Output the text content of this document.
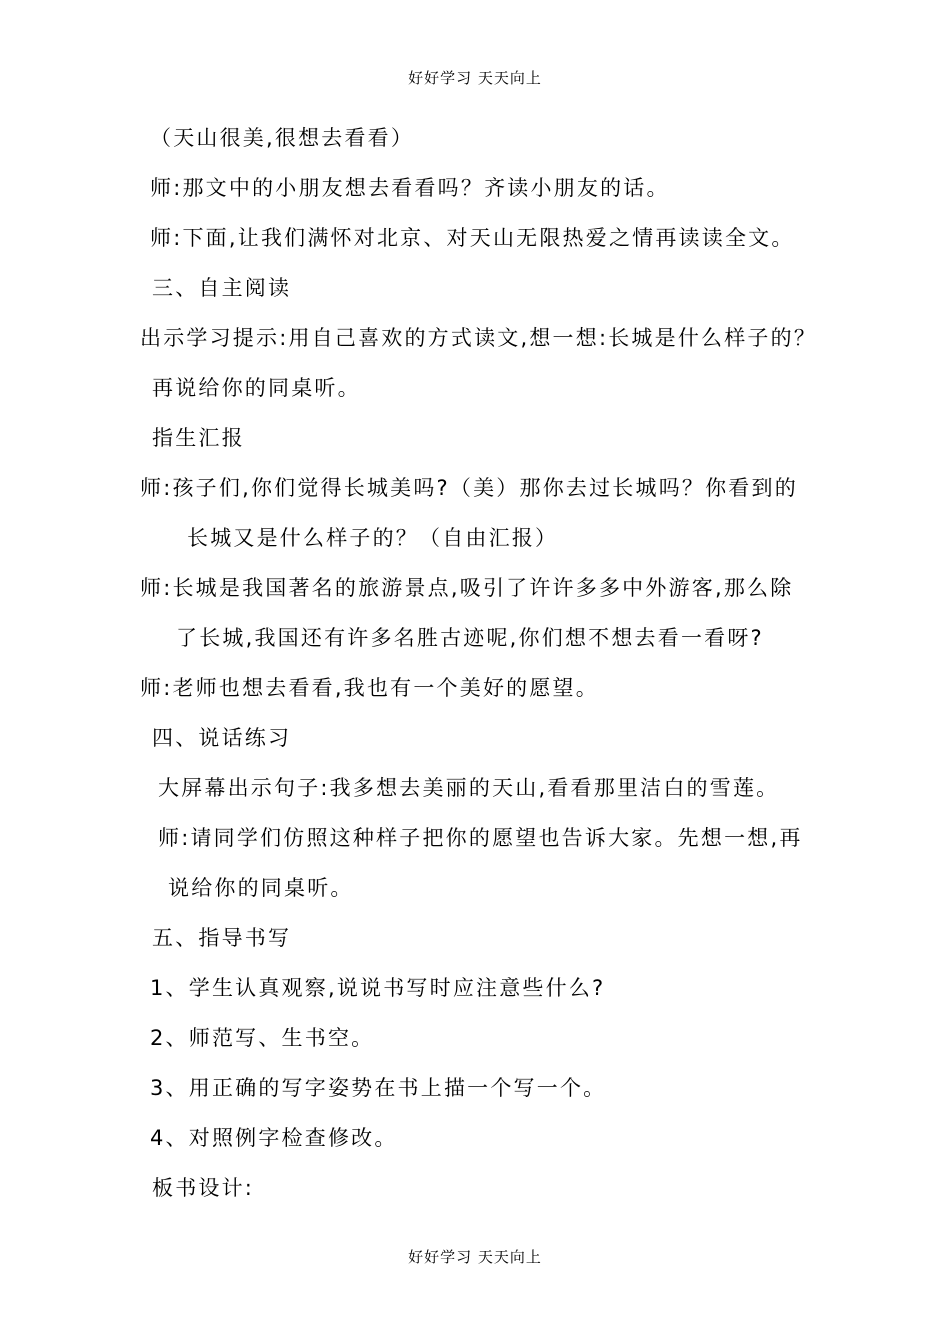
好好学习 天天向上
（天山很美,很想去看看）
师:那文中的小朋友想去看看吗？齐读小朋友的话。
师:下面,让我们满怀对北京、对天山无限热爱之情再读读全文。
三、自主阅读
出示学习提示:用自己喜欢的方式读文,想一想:长城是什么样子的？
再说给你的同桌听。
指生汇报
师:孩子们,你们觉得长城美吗?（美）那你去过长城吗？你看到的
长城又是什么样子的？（自由汇报）
师:长城是我国著名的旅游景点,吸引了许许多多中外游客,那么除
了长城,我国还有许多名胜古迹呢,你们想不想去看一看呀?
师:老师也想去看看,我也有一个美好的愿望。
四、说话练习
大屏幕出示句子:我多想去美丽的天山,看看那里洁白的雪莲。
师:请同学们仿照这种样子把你的愿望也告诉大家。先想一想,再
说给你的同桌听。
五、指导书写
1、学生认真观察,说说书写时应注意些什么?
2、师范写、生书空。
3、用正确的写字姿势在书上描一个写一个。
4、对照例字检查修改。
板书设计:
好好学习 天天向上
